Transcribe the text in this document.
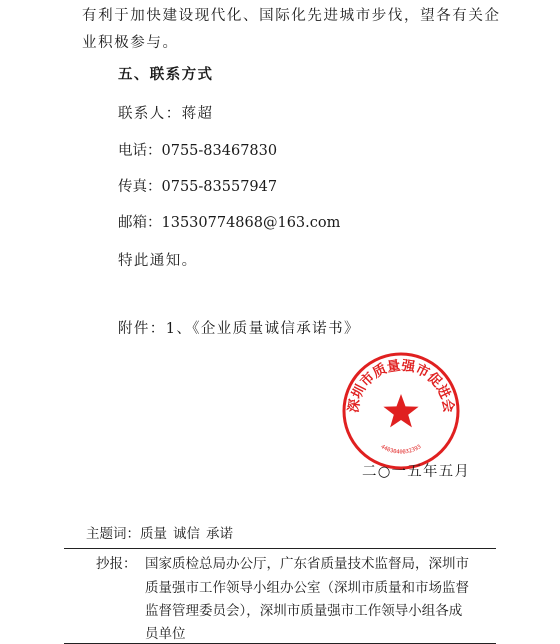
有利于加快建设现代化、国际化先进城市步伐，望各有关企
业积极参与。
五、联系方式
联系人：蒋超
电话：0755-83467830
传真：0755-83557947
邮箱：13530774868@163.com
特此通知。
附件：1、《企业质量诚信承诺书》
深圳市质量强市促进会
4403040032393
二○一五年五月
主题词：质量 诚信 承诺
抄报： 国家质检总局办公厅，广东省质量技术监督局，深圳市
质量强市工作领导小组办公室（深圳市质量和市场监督
监督管理委员会），深圳市质量强市工作领导小组各成
员单位
